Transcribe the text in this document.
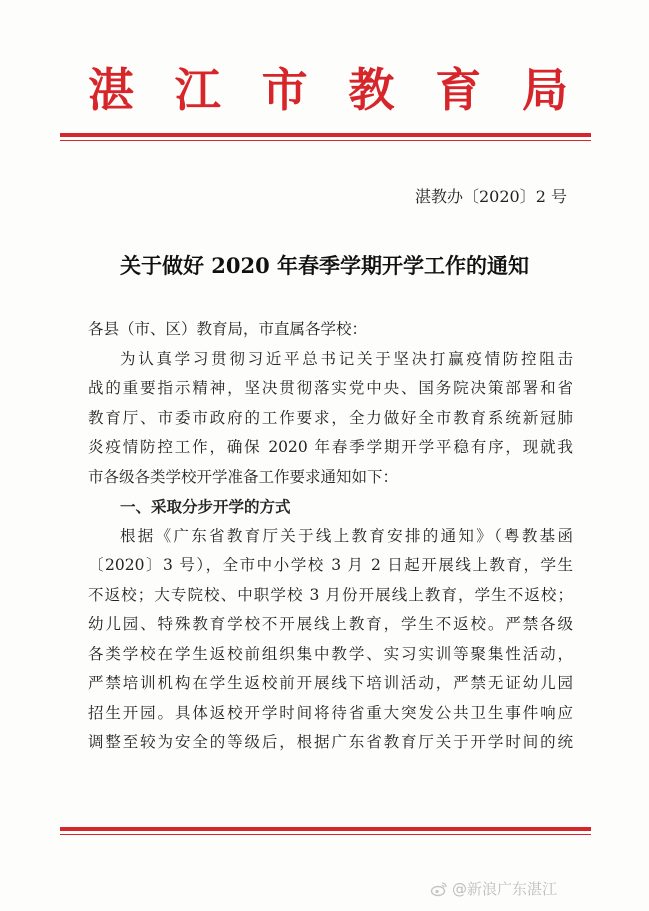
湛 江 市 教 育 局
湛教办〔2020〕2 号
关于做好 2020 年春季学期开学工作的通知

各县（市、区）教育局，市直属各学校：

为认真学习贯彻习近平总书记关于坚决打赢疫情防控阻击

战的重要指示精神，坚决贯彻落实党中央、国务院决策部署和省

教育厅、市委市政府的工作要求，全力做好全市教育系统新冠肺

炎疫情防控工作，确保 2020 年春季学期开学平稳有序，现就我

市各级各类学校开学准备工作要求通知如下：

一、采取分步开学的方式

根据《广东省教育厅关于线上教育安排的通知》（粤教基函

〔2020〕3 号），全市中小学校 3 月 2 日起开展线上教育，学生

不返校；大专院校、中职学校 3 月份开展线上教育，学生不返校；

幼儿园、特殊教育学校不开展线上教育，学生不返校。严禁各级

各类学校在学生返校前组织集中教学、实习实训等聚集性活动，

严禁培训机构在学生返校前开展线下培训活动，严禁无证幼儿园

招生开园。具体返校开学时间将待省重大突发公共卫生事件响应

调整至较为安全的等级后，根据广东省教育厅关于开学时间的统

@新浪广东湛江
